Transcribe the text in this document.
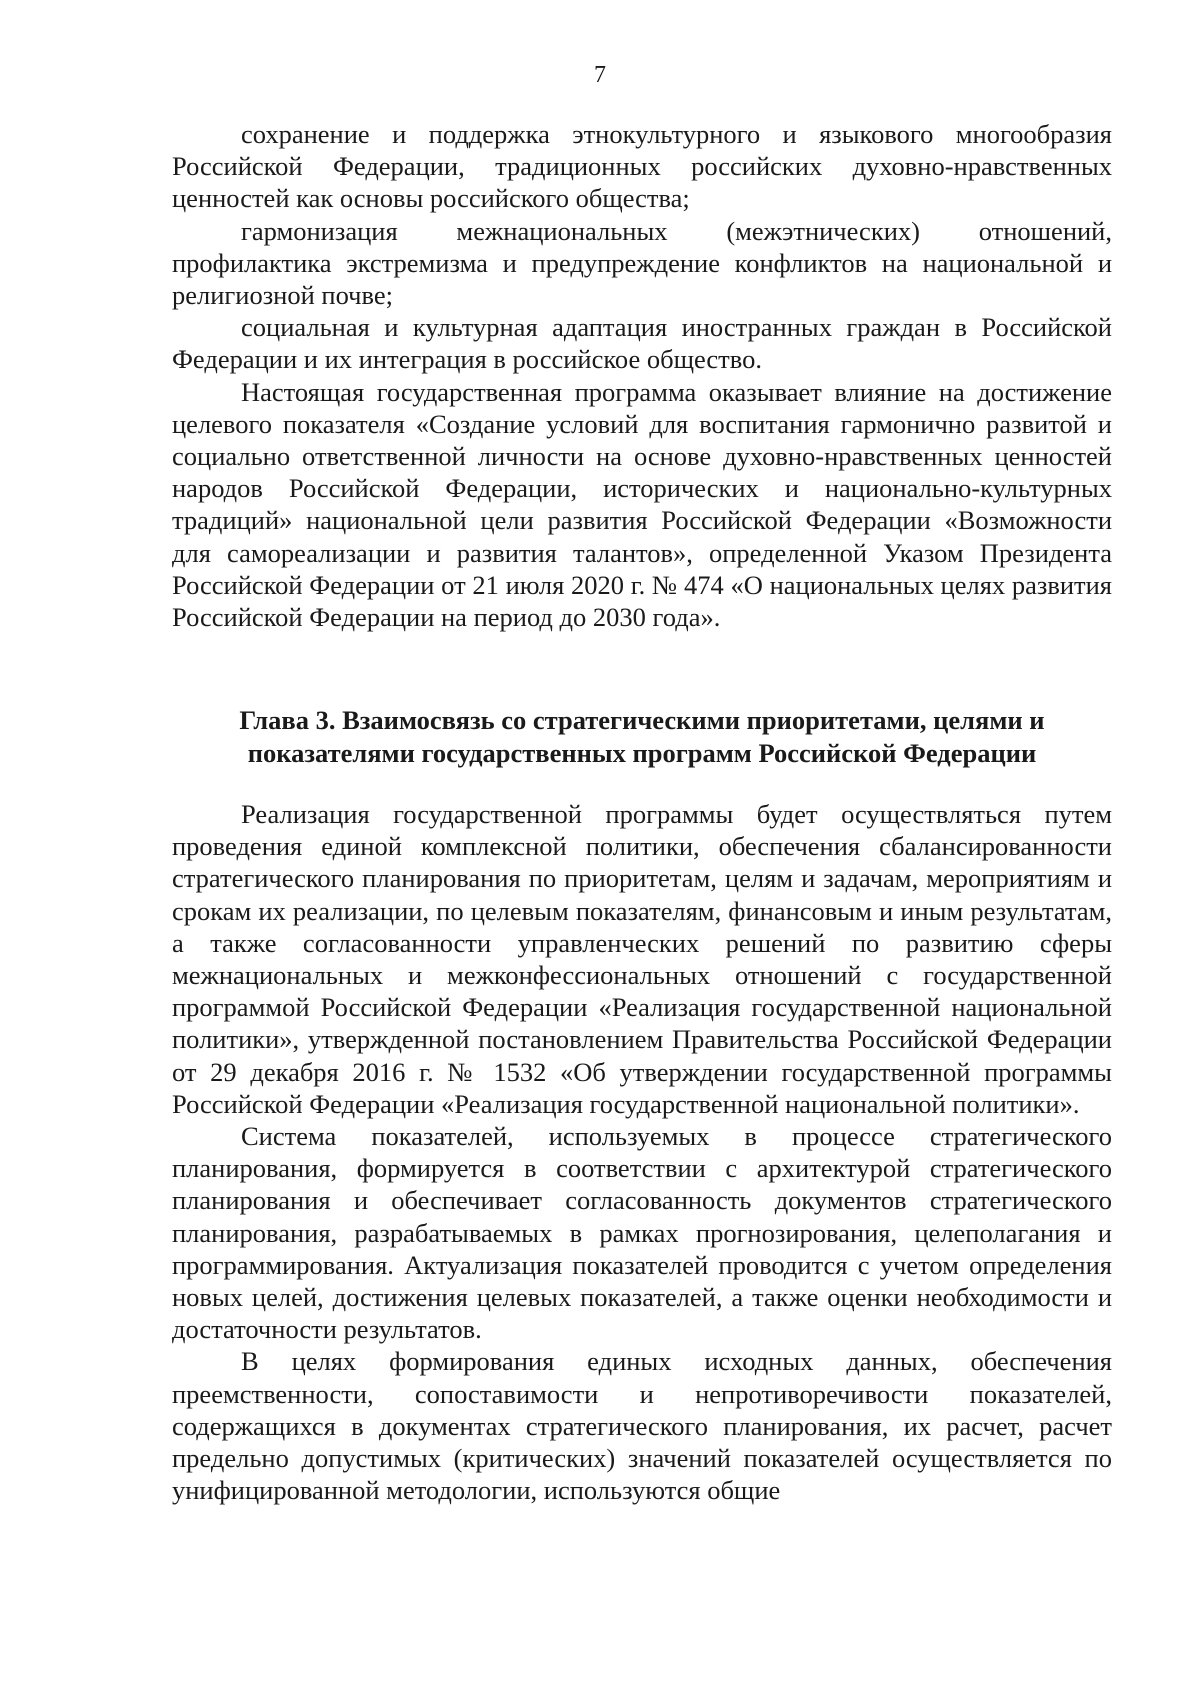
7

сохранение и поддержка этнокультурного и языкового многообразия Российской Федерации, традиционных российских духовно-нравственных ценностей как основы российского общества;

гармонизация межнациональных (межэтнических) отношений, профилактика экстремизма и предупреждение конфликтов на национальной и религиозной почве;

социальная и культурная адаптация иностранных граждан в Российской Федерации и их интеграция в российское общество.

Настоящая государственная программа оказывает влияние на достижение целевого показателя «Создание условий для воспитания гармонично развитой и социально ответственной личности на основе духовно-нравственных ценностей народов Российской Федерации, исторических и национально-культурных традиций» национальной цели развития Российской Федерации «Возможности для самореализации и развития талантов», определенной Указом Президента Российской Федерации от 21 июля 2020 г. № 474 «О национальных целях развития Российской Федерации на период до 2030 года».

Глава 3. Взаимосвязь со стратегическими приоритетами, целями и
показателями государственных программ Российской Федерации

Реализация государственной программы будет осуществляться путем проведения единой комплексной политики, обеспечения сбалансированности стратегического планирования по приоритетам, целям и задачам, мероприятиям и срокам их реализации, по целевым показателям, финансовым и иным результатам, а также согласованности управленческих решений по развитию сферы межнациональных и межконфессиональных отношений с государственной программой Российской Федерации «Реализация государственной национальной политики», утвержденной постановлением Правительства Российской Федерации от 29 декабря 2016 г. № 1532 «Об утверждении государственной программы Российской Федерации «Реализация государственной национальной политики».

Система показателей, используемых в процессе стратегического планирования, формируется в соответствии с архитектурой стратегического планирования и обеспечивает согласованность документов стратегического планирования, разрабатываемых в рамках прогнозирования, целеполагания и программирования. Актуализация показателей проводится с учетом определения новых целей, достижения целевых показателей, а также оценки необходимости и достаточности результатов.

В целях формирования единых исходных данных, обеспечения преемственности, сопоставимости и непротиворечивости показателей, содержащихся в документах стратегического планирования, их расчет, расчет предельно допустимых (критических) значений показателей осуществляется по унифицированной методологии, используются общие
